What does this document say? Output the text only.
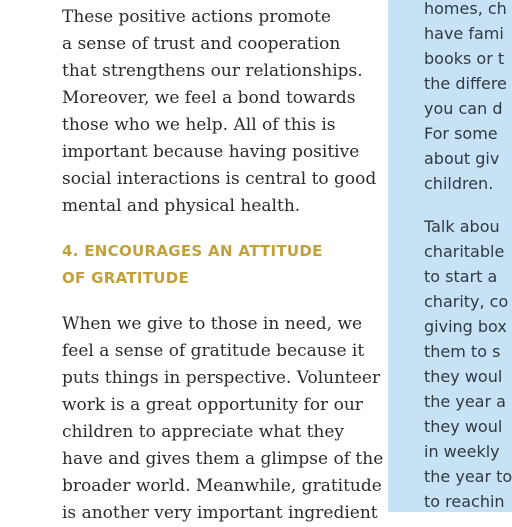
These positive actions promote
a sense of trust and cooperation
that strengthens our relationships.
Moreover, we feel a bond towards
those who we help. All of this is
important because having positive
social interactions is central to good
mental and physical health.

4. ENCOURAGES AN ATTITUDE
OF GRATITUDE

When we give to those in need, we
feel a sense of gratitude because it
puts things in perspective. Volunteer
work is a great opportunity for our
children to appreciate what they
have and gives them a glimpse of the
broader world. Meanwhile, gratitude
is another very important ingredient

homes, ch
have fami
books or t
the differe
you can d
For some
about giv
children.

Talk abou
charitable
to start a
charity, co
giving box
them to s
they woul
the year a
they woul
in weekly
the year to
to reachin
